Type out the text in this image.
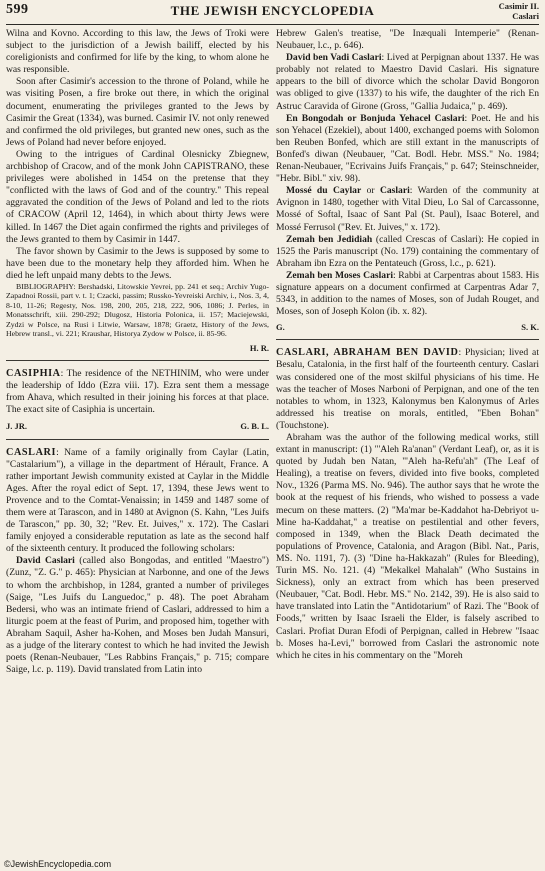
599	THE JEWISH ENCYCLOPEDIA	Casimir II.
Caslari

Wilna and Kovno. According to this law, the Jews of Troki were subject to the jurisdiction of a Jewish bailiff, elected by his coreligionists and confirmed for life by the king, to whom alone he was responsible.

Soon after Casimir's accession to the throne of Poland, while he was visiting Posen, a fire broke out there, in which the original document, enumerating the privileges granted to the Jews by Casimir the Great (1334), was burned. Casimir IV. not only renewed and confirmed the old privileges, but granted new ones, such as the Jews of Poland had never before enjoyed.

Owing to the intrigues of Cardinal Olesnicky Zbiegnew, archbishop of Cracow, and of the monk John CAPISTRANO, these privileges were abolished in 1454 on the pretense that they "conflicted with the laws of God and of the country." This repeal aggravated the condition of the Jews of Poland and led to the riots of CRACOW (April 12, 1464), in which about thirty Jews were killed. In 1467 the Diet again confirmed the rights and privileges of the Jews granted to them by Casimir in 1447.

The favor shown by Casimir to the Jews is supposed by some to have been due to the monetary help they afforded him. When he died he left unpaid many debts to the Jews.

BIBLIOGRAPHY: Bershadski, Litowskie Yevrei, pp. 241 et seq.; Archiv Yugo-Zapadnoi Rossii, part v. t. 1; Czacki, passim; Russko-Yevreiski Archiv, i., Nos. 3, 4, 8-10, 11-26; Regesty, Nos. 198, 200, 205, 218, 222, 906, 1086; J. Perles, in Monatsschrift, xiii. 290-292; Dlugosz, Historia Polonica, ii. 157; Maciejewski, Zydzi w Polsce, na Rusi i Litwie, Warsaw, 1878; Graetz, History of the Jews, Hebrew transl., vi. 221; Kraushar, Historya Zydow w Polsce, ii. 85-96.

H. R.

CASIPHIA: The residence of the NETHINIM, who were under the leadership of Iddo (Ezra viii. 17). Ezra sent them a message from Ahava, which resulted in their joining his forces at that place. The exact site of Casiphia is uncertain.

J. JR.	G. B. L.

CASLARI: Name of a family originally from Caylar (Latin, "Castalarium"), a village in the department of Hérault, France. A rather important Jewish community existed at Caylar in the Middle Ages. After the royal edict of Sept. 17, 1394, these Jews went to Provence and to the Comtat-Venaissin; in 1459 and 1487 some of them were at Tarascon, and in 1480 at Avignon (S. Kahn, "Les Juifs de Tarascon," pp. 30, 32; "Rev. Et. Juives," x. 172). The Caslari family enjoyed a considerable reputation as late as the second half of the sixteenth century. It produced the following scholars:

David Caslari (called also Bongodas, and entitled "Maestro") (Zunz, "Z. G." p. 465): Physician at Narbonne, and one of the Jews to whom the archbishop, in 1284, granted a number of privileges (Saige, "Les Juifs du Languedoc," p. 48). The poet Abraham Bedersi, who was an intimate friend of Caslari, addressed to him a liturgic poem at the feast of Purim, and proposed him, together with Abraham Saquil, Asher ha-Kohen, and Moses ben Judah Mansuri, as a judge of the literary contest to which he had invited the Jewish poets (Renan-Neubauer, "Les Rabbins Français," p. 715; compare Saige, l.c. p. 119). David translated from Latin into

Hebrew Galen's treatise, "De Inæquali Intemperie" (Renan-Neubauer, l.c., p. 646).

David ben Vadi Caslari: Lived at Perpignan about 1337. He was probably not related to Maestro David Caslari. His signature appears to the bill of divorce which the scholar David Bongoron was obliged to give (1337) to his wife, the daughter of the rich En Astruc Caravida of Girone (Gross, "Gallia Judaica," p. 469).

En Bongodah or Bonjuda Yehacel Caslari: Poet. He and his son Yehacel (Ezekiel), about 1400, exchanged poems with Solomon ben Reuben Bonfed, which are still extant in the manuscripts of Bonfed's diwan (Neubauer, "Cat. Bodl. Hebr. MSS." No. 1984; Renan-Neubauer, "Ecrivains Juifs Français," p. 647; Steinschneider, "Hebr. Bibl." xiv. 98).

Mossé du Caylar or Caslari: Warden of the community at Avignon in 1480, together with Vital Dieu, Lo Sal of Carcassonne, Mossé of Softal, Isaac of Sant Pal (St. Paul), Isaac Boterel, and Mossé Ferrusol ("Rev. Et. Juives," x. 172).

Zemah ben Jedidiah (called Crescas of Caslari): He copied in 1525 the Paris manuscript (No. 179) containing the commentary of Abraham ibn Ezra on the Pentateuch (Gross, l.c., p. 621).

Zemah ben Moses Caslari: Rabbi at Carpentras about 1583. His signature appears on a document confirmed at Carpentras Adar 7, 5343, in addition to the names of Moses, son of Judah Rouget, and Moses, son of Joseph Kolon (ib. x. 82).

G.	S. K.

CASLARI, ABRAHAM BEN DAVID: Physician; lived at Besalu, Catalonia, in the first half of the fourteenth century. Caslari was considered one of the most skilful physicians of his time. He was the teacher of Moses Narboni of Perpignan, and one of the ten notables to whom, in 1323, Kalonymus ben Kalonymus of Arles addressed his treatise on morals, entitled, "Eben Bohan" (Touchstone).

Abraham was the author of the following medical works, still extant in manuscript: (1) "'Aleh Ra'anan" (Verdant Leaf), or, as it is quoted by Judah ben Natan, "'Aleh ha-Refu'ah" (The Leaf of Healing), a treatise on fevers, divided into five books, completed Nov., 1326 (Parma MS. No. 946). The author says that he wrote the book at the request of his friends, who wished to possess a vade mecum on these matters. (2) "Ma'mar be-Kaddahot ha-Debriyot u-Mine ha-Kaddahat," a treatise on pestilential and other fevers, composed in 1349, when the Black Death decimated the populations of Provence, Catalonia, and Aragon (Bibl. Nat., Paris, MS. No. 1191, 7). (3) "Dine ha-Hakkazah" (Rules for Bleeding), Turin MS. No. 121. (4) "Mekalkel Mahalah" (Who Sustains in Sickness), only an extract from which has been preserved (Neubauer, "Cat. Bodl. Hebr. MS." No. 2142, 39). He is also said to have translated into Latin the "Antidotarium" of Razi. The "Book of Foods," written by Isaac Israeli the Elder, is falsely ascribed to Caslari. Profiat Duran Efodi of Perpignan, called in Hebrew "Isaac b. Moses ha-Levi," borrowed from Caslari the astronomic note which he cites in his commentary on the "Moreh

©JewishEncyclopedia.com
